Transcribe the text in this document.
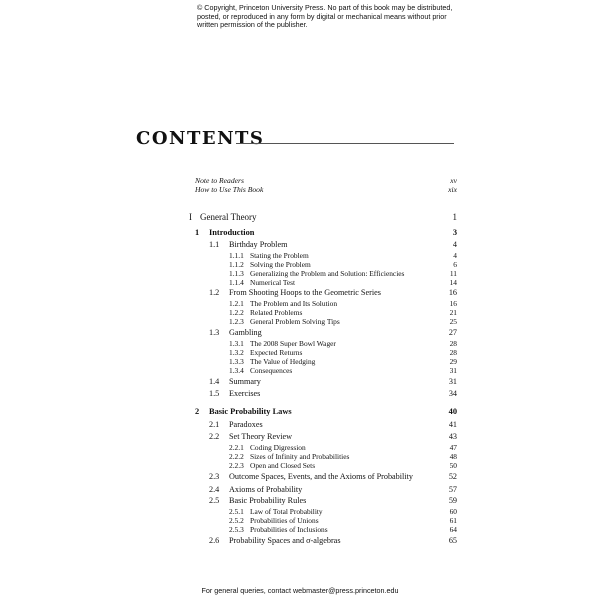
© Copyright, Princeton University Press. No part of this book may be distributed, posted, or reproduced in any form by digital or mechanical means without prior written permission of the publisher.
CONTENTS
Note to Readers	xv
How to Use This Book	xix
I General Theory	1
1 Introduction	3
1.1 Birthday Problem	4
1.1.1 Stating the Problem	4
1.1.2 Solving the Problem	6
1.1.3 Generalizing the Problem and Solution: Efficiencies	11
1.1.4 Numerical Test	14
1.2 From Shooting Hoops to the Geometric Series	16
1.2.1 The Problem and Its Solution	16
1.2.2 Related Problems	21
1.2.3 General Problem Solving Tips	25
1.3 Gambling	27
1.3.1 The 2008 Super Bowl Wager	28
1.3.2 Expected Returns	28
1.3.3 The Value of Hedging	29
1.3.4 Consequences	31
1.4 Summary	31
1.5 Exercises	34
2 Basic Probability Laws	40
2.1 Paradoxes	41
2.2 Set Theory Review	43
2.2.1 Coding Digression	47
2.2.2 Sizes of Infinity and Probabilities	48
2.2.3 Open and Closed Sets	50
2.3 Outcome Spaces, Events, and the Axioms of Probability	52
2.4 Axioms of Probability	57
2.5 Basic Probability Rules	59
2.5.1 Law of Total Probability	60
2.5.2 Probabilities of Unions	61
2.5.3 Probabilities of Inclusions	64
2.6 Probability Spaces and σ-algebras	65
For general queries, contact webmaster@press.princeton.edu
